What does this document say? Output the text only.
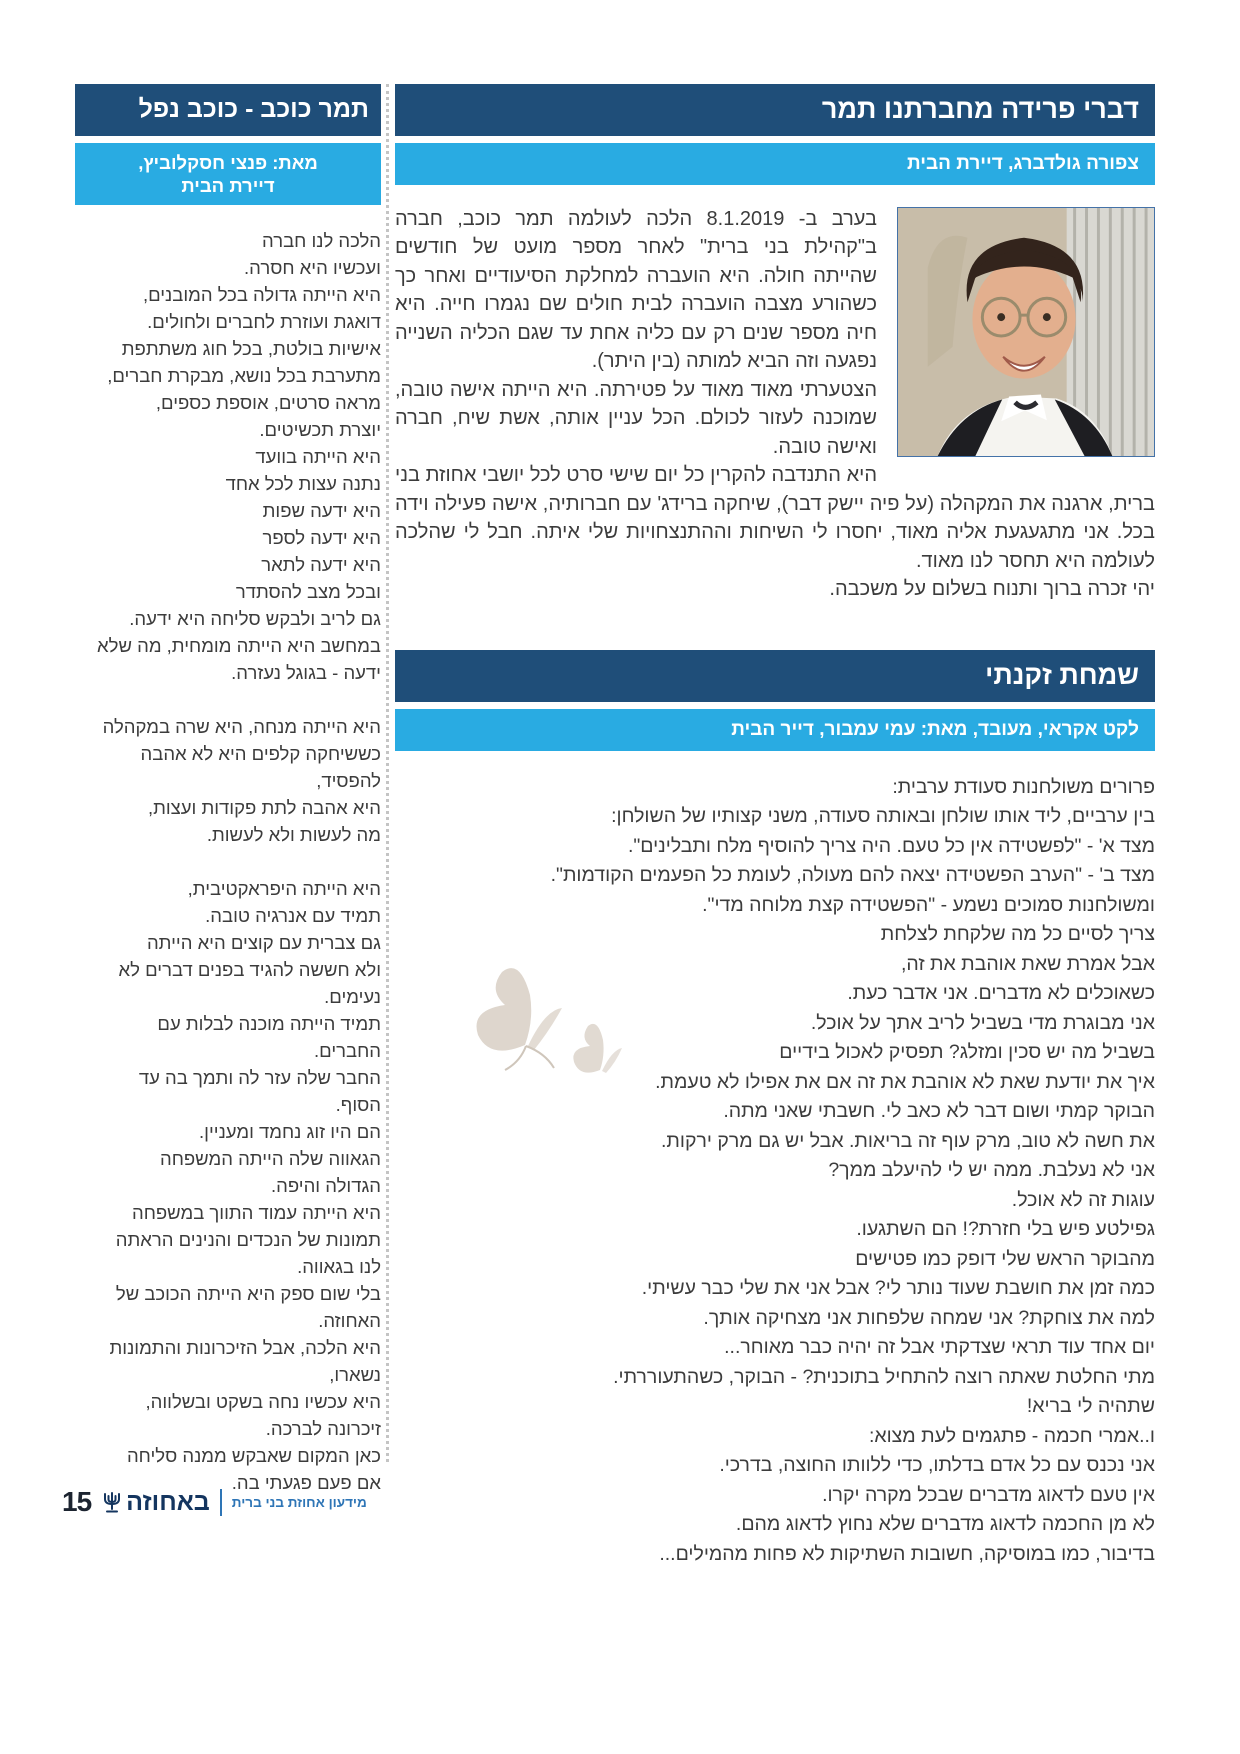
דברי פרידה מחברתנו תמר
צפורה גולדברג, דיירת הבית

בערב ב- 8.1.2019 הלכה לעולמה תמר כוכב, חברה ב"קהילת בני ברית" לאחר מספר מועט של חודשים שהייתה חולה. היא הועברה למחלקת הסיעודיים ואחר כך כשהורע מצבה הועברה לבית חולים שם נגמרו חייה. היא חיה מספר שנים רק עם כליה אחת עד שגם הכליה השנייה נפגעה וזה הביא למותה (בין היתר).

הצטערתי מאוד מאוד על פטירתה. היא הייתה אישה טובה, שמוכנה לעזור לכולם. הכל עניין אותה, אשת שיח, חברה ואישה טובה.

היא התנדבה להקרין כל יום שישי סרט לכל יושבי אחוזת בני ברית, ארגנה את המקהלה (על פיה יישק דבר), שיחקה ברידג' עם חברותיה, אישה פעילה וידה בכל. אני מתגעגעת אליה מאוד, יחסרו לי השיחות וההתנצחויות שלי איתה. חבל לי שהלכה לעולמה היא תחסר לנו מאוד.

יהי זכרה ברוך ותנוח בשלום על משכבה.

שמחת זקנתי
לקט אקראי, מעובד, מאת: עמי עמבור, דייר הבית
פרורים משולחנות סעודת ערבית:
בין ערביים, ליד אותו שולחן ובאותה סעודה, משני קצותיו של השולחן:
מצד א' - "לפשטידה אין כל טעם. היה צריך להוסיף מלח ותבלינים".
מצד ב' - "הערב הפשטידה יצאה להם מעולה, לעומת כל הפעמים הקודמות".
ומשולחנות סמוכים נשמע - "הפשטידה קצת מלוחה מדי".
צריך לסיים כל מה שלקחת לצלחת
אבל אמרת שאת אוהבת את זה,
כשאוכלים לא מדברים. אני אדבר כעת.
אני מבוגרת מדי בשביל לריב אתך על אוכל.
בשביל מה יש סכין ומזלג? תפסיק לאכול בידיים
איך את יודעת שאת לא אוהבת את זה אם את אפילו לא טעמת.
הבוקר קמתי ושום דבר לא כאב לי. חשבתי שאני מתה.
את חשה לא טוב, מרק עוף זה בריאות. אבל יש גם מרק ירקות.
אני לא נעלבת. ממה יש לי להיעלב ממך?
עוגות זה לא אוכל.
גפילטע פיש בלי חזרת?! הם השתגעו.
מהבוקר הראש שלי דופק כמו פטישים
כמה זמן את חושבת שעוד נותר לי? אבל אני את שלי כבר עשיתי.
למה את צוחקת? אני שמחה שלפחות אני מצחיקה אותך.
יום אחד עוד תראי שצדקתי אבל זה יהיה כבר מאוחר...
מתי החלטת שאתה רוצה להתחיל בתוכנית? - הבוקר, כשהתעוררתי.
שתהיה לי בריא!
ו..אמרי חכמה - פתגמים לעת מצוא:
אני נכנס עם כל אדם בדלתו, כדי ללוותו החוצה, בדרכי.
אין טעם לדאוג מדברים שבכל מקרה יקרו.
לא מן החכמה לדאוג מדברים שלא נחוץ לדאוג מהם.
בדיבור, כמו במוסיקה, חשובות השתיקות לא פחות מהמילים...
תמר כוכב - כוכב נפל
מאת: פנצי חסקלוביץ,
דיירת הבית
הלכה לנו חברה
ועכשיו היא חסרה.
היא הייתה גדולה בכל המובנים,
דואגת ועוזרת לחברים ולחולים.
אישיות בולטת, בכל חוג משתתפת
מתערבת בכל נושא, מבקרת חברים,
מראה סרטים, אוספת כספים,
יוצרת תכשיטים.
היא הייתה בוועד
נתנה עצות לכל אחד
היא ידעה שפות
היא ידעה לספר
היא ידעה לתאר
ובכל מצב להסתדר
גם לריב ולבקש סליחה היא ידעה.
במחשב היא הייתה מומחית, מה שלא
ידעה - בגוגל נעזרה.
היא הייתה מנחה, היא שרה במקהלה
כששיחקה קלפים היא לא אהבה
להפסיד,
היא אהבה לתת פקודות ועצות,
מה לעשות ולא לעשות.
היא הייתה היפראקטיבית,
תמיד עם אנרגיה טובה.
גם צברית עם קוצים היא הייתה
ולא חששה להגיד בפנים דברים לא
נעימים.
תמיד הייתה מוכנה לבלות עם
החברים.
החבר שלה עזר לה ותמך בה עד
הסוף.
הם היו זוג נחמד ומעניין.
הגאווה שלה הייתה המשפחה
הגדולה והיפה.
היא הייתה עמוד התווך במשפחה
תמונות של הנכדים והנינים הראתה
לנו בגאווה.
בלי שום ספק היא הייתה הכוכב של
האחוזה.
היא הלכה, אבל הזיכרונות והתמונות
נשארו,
היא עכשיו נחה בשקט ובשלווה,
זיכרונה לברכה.
כאן המקום שאבקש ממנה סליחה
אם פעם פגעתי בה.
15 באחוזה מידעון אחוזת בני ברית
